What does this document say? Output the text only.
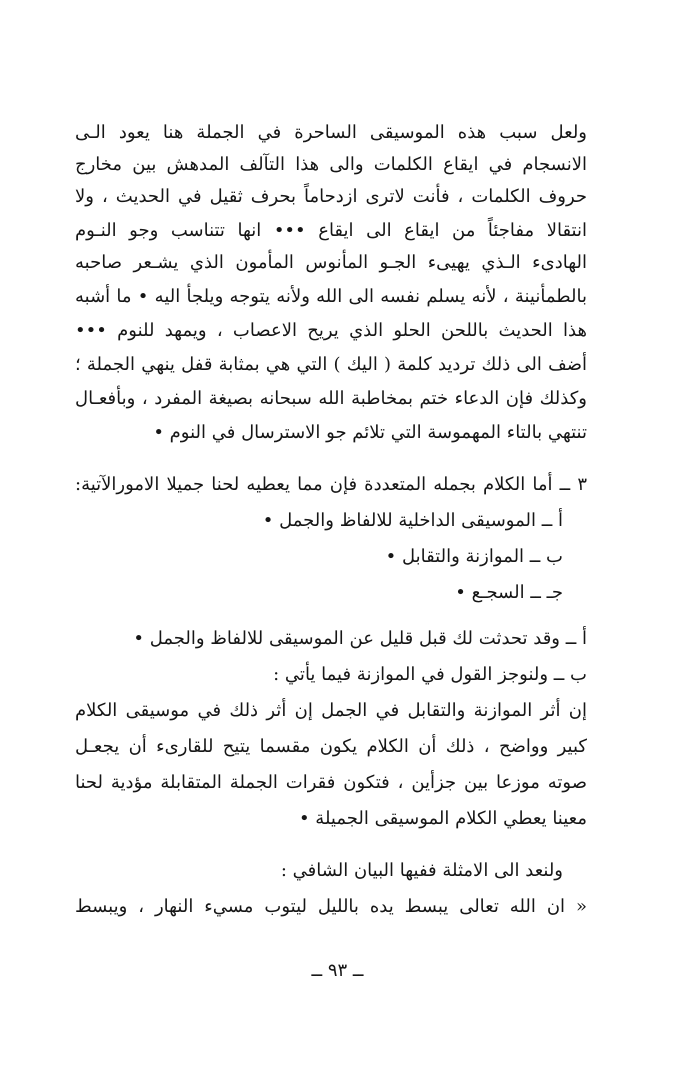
ولعل سبب هذه الموسيقى الساحرة في الجملة هنا يعود الـى
الانسجام في ايقاع الكلمات والى هذا التآلف المدهش بين مخارج
حروف الكلمات ، فأنت لاترى ازدحاماً بحرف ثقيل في الحديث ، ولا
انتقالا مفاجئاً من ايقاع الى ايقاع ••• انها تتناسب وجو النـوم
الهادىء الـذي يهيىء الجـو المأنوس المأمون الذي يشـعر صاحبه
بالطمأنينة ، لأنه يسلم نفسه الى الله ولأنه يتوجه ويلجأ اليه • ما أشبه
هذا الحديث باللحن الحلو الذي يريح الاعصاب ، ويمهد للنوم •••
أضف الى ذلك ترديد كلمة ( اليك ) التي هي بمثابة قفل ينهي الجملة ؛
وكذلك فإن الدعاء ختم بمخاطبة الله سبحانه بصيغة المفرد ، وبأفعـال
تنتهي بالتاء المهموسة التي تلائم جو الاسترسال في النوم •
٣ ــ أما الكلام بجمله المتعددة فإن مما يعطيه لحنا جميلا الامورالآتية:
أ ــ الموسيقى الداخلية للالفاظ والجمل •
ب ــ الموازنة والتقابل •
جـ ــ السجـع •
أ ــ وقد تحدثت لك قبل قليل عن الموسيقى للالفاظ والجمل •
ب ــ ولنوجز القول في الموازنة فيما يأتي :
إن أثر الموازنة والتقابل في الجمل إن أثر ذلك في موسيقى الكلام
كبير وواضح ، ذلك أن الكلام يكون مقسما يتيح للقارىء أن يجعـل
صوته موزعا بين جزأين ، فتكون فقرات الجملة المتقابلة مؤدية لحنا
معينا يعطي الكلام الموسيقى الجميلة •
ولنعد الى الامثلة ففيها البيان الشافي :
« ان الله تعالى يبسط يده بالليل ليتوب مسيء النهار ، ويبسط
ــ ٩٣ ــ
